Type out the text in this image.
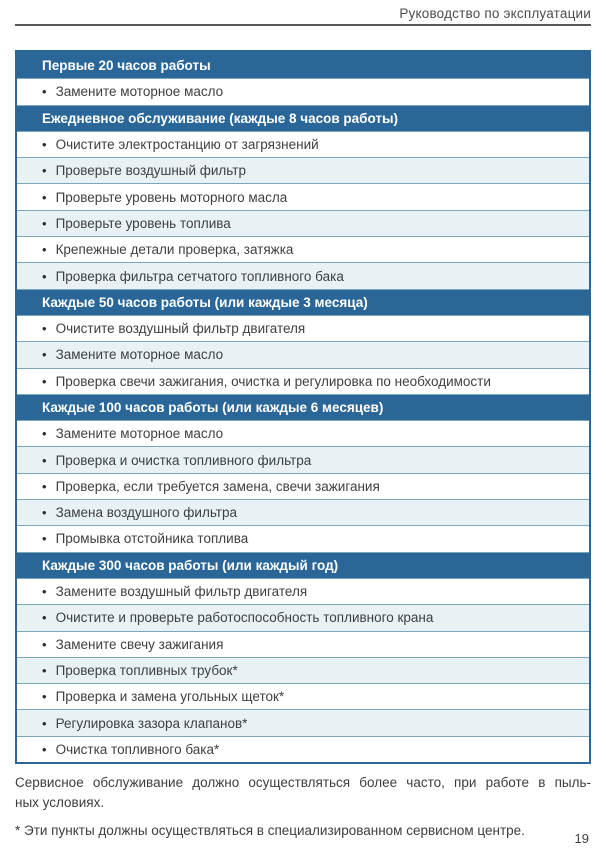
Руководство по эксплуатации
Первые 20 часов работы
• Замените моторное масло
Ежедневное обслуживание (каждые 8 часов работы)
• Очистите электростанцию от загрязнений
• Проверьте воздушный фильтр
• Проверьте уровень моторного масла
• Проверьте уровень топлива
• Крепежные детали проверка, затяжка
• Проверка фильтра сетчатого топливного бака
Каждые 50 часов работы (или каждые 3 месяца)
• Очистите воздушный фильтр двигателя
• Замените моторное масло
• Проверка свечи зажигания, очистка и регулировка по необходимости
Каждые 100 часов работы (или каждые 6 месяцев)
• Замените моторное масло
• Проверка и очистка топливного фильтра
• Проверка, если требуется замена, свечи зажигания
• Замена воздушного фильтра
• Промывка отстойника топлива
Каждые 300 часов работы (или каждый год)
• Замените воздушный фильтр двигателя
• Очистите и проверьте работоспособность топливного крана
• Замените свечу зажигания
• Проверка топливных трубок*
• Проверка и замена угольных щеток*
• Регулировка зазора клапанов*
• Очистка топливного бака*

Сервисное обслуживание должно осуществляться более часто, при работе в пыль-

ных условиях.

* Эти пункты должны осуществляться в специализированном сервисном центре.

19
